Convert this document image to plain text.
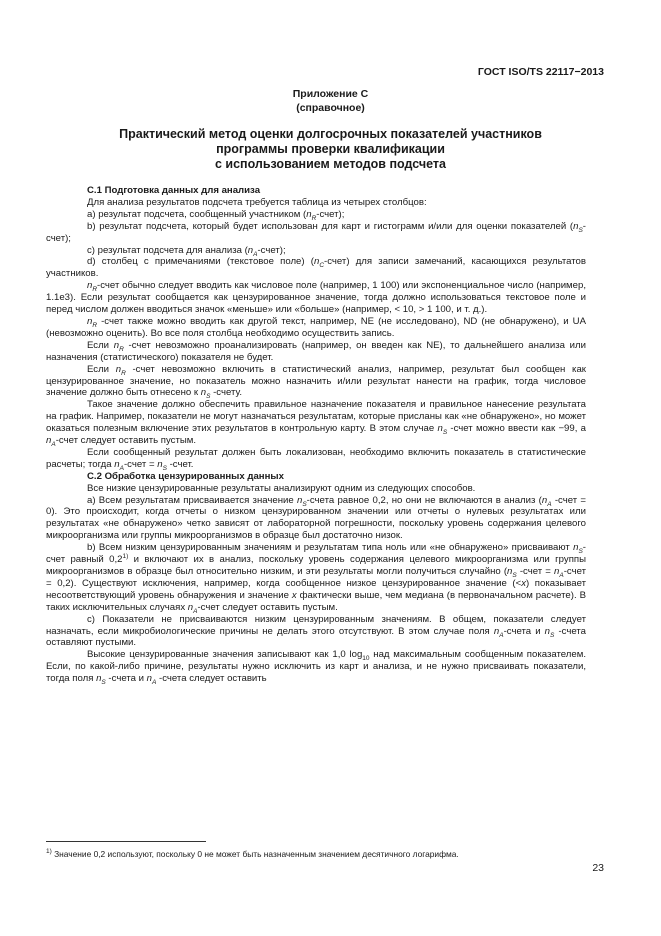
ГОСТ ISO/TS 22117−2013
Приложение С
(справочное)
Практический метод оценки долгосрочных показателей участников
программы проверки квалификации
с использованием методов подсчета

С.1 Подготовка данных для анализа

Для анализа результатов подсчета требуется таблица из четырех столбцов:

а) результат подсчета, сообщенный участником $(n_R-счет)$;

b) результат подсчета, который будет использован для карт и гистограмм и/или для оценки показателей $(n_S-счет)$;

с) результат подсчета для анализа $(n_A-счет)$;

d) столбец с примечаниями (текстовое поле) $(n_C-счет)$ для записи замечаний, касающихся результатов участников.

$n_R$-счет обычно следует вводить как числовое поле (например, 1 100) или экспоненциальное число (например, 1.1е3). Если результат сообщается как цензурированное значение, тогда должно использоваться текстовое поле и перед числом должен вводиться значок «меньше» или «больше» (например, < 10, > 1 100, и т. д.).

$n_R$ -счет также можно вводить как другой текст, например, NE (не исследовано), ND (не обнаружено), и UA (невозможно оценить). Во все поля столбца необходимо осуществить запись.

Если $n_R$ -счет невозможно проанализировать (например, он введен как NE), то дальнейшего анализа или назначения (статистического) показателя не будет.

Если $n_R$ -счет невозможно включить в статистический анализ, например, результат был сообщен как цензурированное значение, но показатель можно назначить и/или результат нанести на график, тогда числовое значение должно быть отнесено к $n_S$ -счету.

Такое значение должно обеспечить правильное назначение показателя и правильное нанесение результата на график. Например, показатели не могут назначаться результатам, которые присланы как «не обнаружено», но может оказаться полезным включение этих результатов в контрольную карту. В этом случае $n_S$ -счет можно ввести как −99, а $n_A$-счет следует оставить пустым.

Если сообщенный результат должен быть локализован, необходимо включить показатель в статистические расчеты; тогда $n_A$-счет = $n_S$ -счет.

С.2 Обработка цензурированных данных

Все низкие цензурированные результаты анализируют одним из следующих способов.

а) Всем результатам присваивается значение $n_S$-счета равное 0,2, но они не включаются в анализ ($n_A$ -счет = 0). Это происходит, когда отчеты о низком цензурированном значении или отчеты о нулевых результатах или результатах «не обнаружено» четко зависят от лабораторной погрешности, поскольку уровень содержания целевого микроорганизма или группы микроорганизмов в образце был достаточно низок.

b) Всем низким цензурированным значениям и результатам типа ноль или «не обнаружено» присваивают $n_S$-счет равный 0,2$^{1)}$ и включают их в анализ, поскольку уровень содержания целевого микроорганизма или группы микроорганизмов в образце был относительно низким, и эти результаты могли получиться случайно ($n_S$ -счет = $n_A$-счет = 0,2). Существуют исключения, например, когда сообщенное низкое цензурированное значение (<x) показывает несоответствующий уровень обнаружения и значение x фактически выше, чем медиана (в первоначальном расчете). В таких исключительных случаях $n_A$-счет следует оставить пустым.

с) Показатели не присваиваются низким цензурированным значениям. В общем, показатели следует назначать, если микробиологические причины не делать этого отсутствуют. В этом случае поля $n_A$-счета и $n_S$ -счета оставляют пустыми.

Высокие цензурированные значения записывают как 1,0 $\log_{10}$ над максимальным сообщенным показателем. Если, по какой-либо причине, результаты нужно исключить из карт и анализа, и не нужно присваивать показатели, тогда поля $n_S$ -счета и $n_A$ -счета следует оставить

$^{1)}$ Значение 0,2 используют, поскольку 0 не может быть назначенным значением десятичного логарифма.
23
